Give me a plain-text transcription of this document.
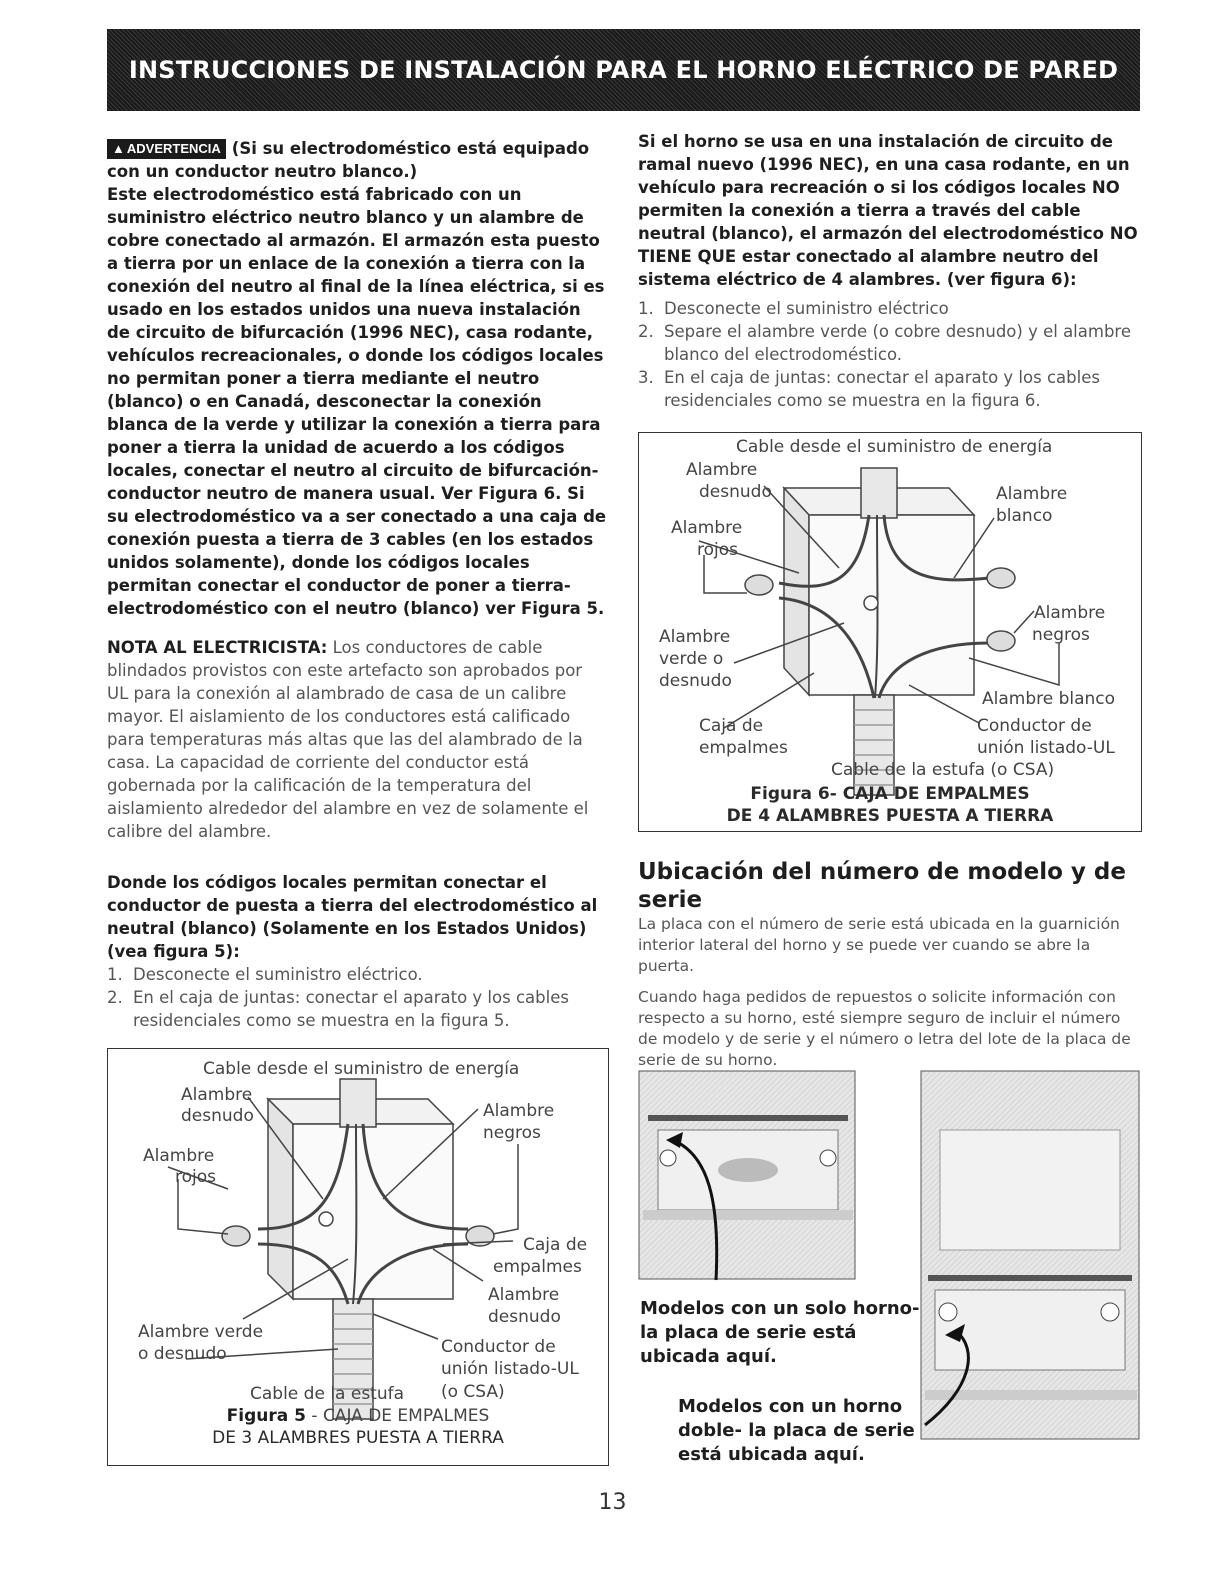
INSTRUCCIONES DE INSTALACIÓN PARA EL HORNO ELÉCTRICO DE PARED

▲ ADVERTENCIA (Si su electrodoméstico está equipado con un conductor neutro blanco.)

Este electrodoméstico está fabricado con un suministro eléctrico neutro blanco y un alambre de cobre conectado al armazón. El armazón esta puesto a tierra por un enlace de la conexión a tierra con la conexión del neutro al final de la línea eléctrica, si es usado en los estados unidos una nueva instalación de circuito de bifurcación (1996 NEC), casa rodante, vehículos recreacionales, o donde los códigos locales no permitan poner a tierra mediante el neutro (blanco) o en Canadá, desconectar la conexión blanca de la verde y utilizar la conexión a tierra para poner a tierra la unidad de acuerdo a los códigos locales, conectar el neutro al circuito de bifurcación-conductor neutro de manera usual. Ver Figura 6. Si su electrodoméstico va a ser conectado a una caja de conexión puesta a tierra de 3 cables (en los estados unidos solamente), donde los códigos locales permitan conectar el conductor de poner a tierra-electrodoméstico con el neutro (blanco) ver Figura 5.

NOTA AL ELECTRICISTA: Los conductores de cable blindados provistos con este artefacto son aprobados por UL para la conexión al alambrado de casa de un calibre mayor. El aislamiento de los conductores está calificado para temperaturas más altas que las del alambrado de la casa. La capacidad de corriente del conductor está gobernada por la calificación de la temperatura del aislamiento alrededor del alambre en vez de solamente el calibre del alambre.

Donde los códigos locales permitan conectar el conductor de puesta a tierra del electrodoméstico al neutral (blanco) (Solamente en los Estados Unidos) (vea figura 5):

1. Desconecte el suministro eléctrico.
2. En el caja de juntas: conectar el aparato y los cables residenciales como se muestra en la figura 5.
Cable desde el suministro de energía
Alambre
desnudo
Alambre
rojos
Alambre
negros
Caja de
empalmes
Alambre
desnudo
Alambre verde
o desnudo	Conductor de
unión listado-UL
Cable de la estufa (o CSA)
Figura 5 - CAJA DE EMPALMES
DE 3 ALAMBRES PUESTA A TIERRA

Si el horno se usa en una instalación de circuito de ramal nuevo (1996 NEC), en una casa rodante, en un vehículo para recreación o si los códigos locales NO permiten la conexión a tierra a través del cable neutral (blanco), el armazón del electrodoméstico NO TIENE QUE estar conectado al alambre neutro del sistema eléctrico de 4 alambres. (ver figura 6):

1. Desconecte el suministro eléctrico
2. Separe el alambre verde (o cobre desnudo) y el alambre blanco del electrodoméstico.
3. En el caja de juntas: conectar el aparato y los cables residenciales como se muestra en la figura 6.
Cable desde el suministro de energía
Alambre
desnudo	Alambre
blanco
Alambre
rojos
Alambre
negros
Alambre
verde o
desnudo
Alambre blanco
Caja de
empalmes
Conductor de
unión listado-UL
Cable de la estufa (o CSA)
Figura 6- CAJA DE EMPALMES
DE 4 ALAMBRES PUESTA A TIERRA
Ubicación del número de modelo y de serie

La placa con el número de serie está ubicada en la guarnición interior lateral del horno y se puede ver cuando se abre la puerta.

Cuando haga pedidos de repuestos o solicite información con respecto a su horno, esté siempre seguro de incluir el número de modelo y de serie y el número o letra del lote de la placa de serie de su horno.

Modelos con un solo horno- la placa de serie está ubicada aquí.
Modelos con un horno doble- la placa de serie está ubicada aquí.
13
